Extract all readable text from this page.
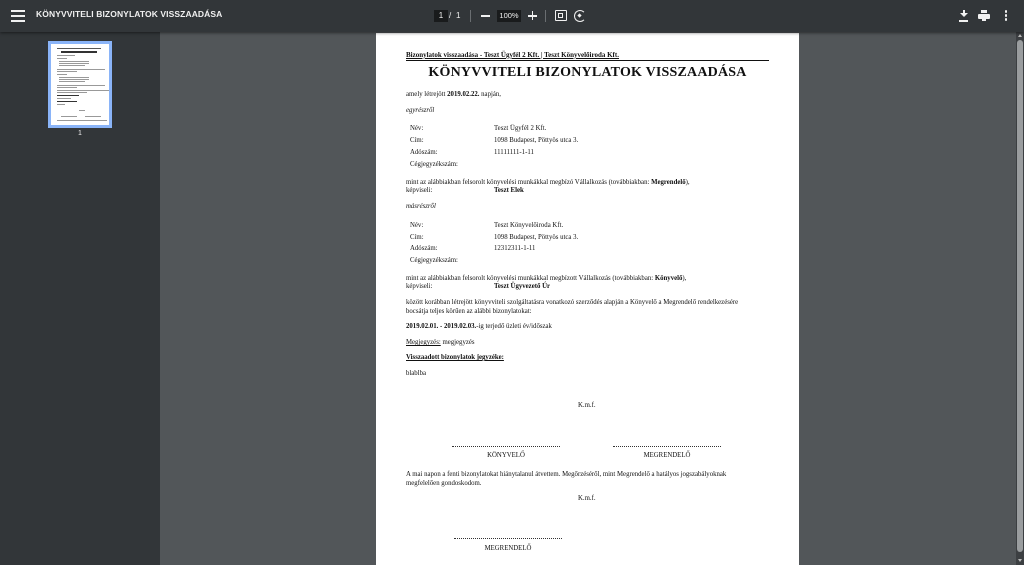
KÖNYVVITELI BIZONYLATOK VISSZAADÁSA	1 / 1	100%
1
Bizonylatok visszaadása - Teszt Ügyfél 2 Kft. | Teszt Könyvelőiroda Kft.
KÖNYVVITELI BIZONYLATOK VISSZAADÁSA
amely létrejött 2019.02.22. napján,
egyrészről
Név:	Teszt Ügyfél 2 Kft.
Cím:	1098 Budapest, Pöttyös utca 3.
Adószám:	11111111-1-11
Cégjegyzékszám:
mint az alábbiakban felsorolt könyvelési munkákkal megbízó Vállalkozás (továbbiakban: Megrendelő),
képviseli:	Teszt Elek
másrészről
Név:	Teszt Könyvelőiroda Kft.
Cím:	1098 Budapest, Pöttyös utca 3.
Adószám:	12312311-1-11
Cégjegyzékszám:
mint az alábbiakban felsorolt könyvelési munkákkal megbízott Vállalkozás (továbbiakban: Könyvelő),
képviseli:	Teszt Ügyvezető Úr
között korábban létrejött könyvviteli szolgáltatásra vonatkozó szerződés alapján a Könyvelő a Megrendelő rendelkezésére
bocsátja teljes körűen az alábbi bizonylatokat:
2019.02.01. - 2019.02.03.-ig terjedő üzleti év/időszak
Megjegyzés: megjegyzés
Visszaadott bizonylatok jegyzéke:
blablba
K.m.f.
KÖNYVELŐ	MEGRENDELŐ
A mai napon a fenti bizonylatokat hiánytalanul átvettem. Megőrzéséről, mint Megrendelő a hatályos jogszabályoknak
megfelelően gondoskodom.
K.m.f.
MEGRENDELŐ
